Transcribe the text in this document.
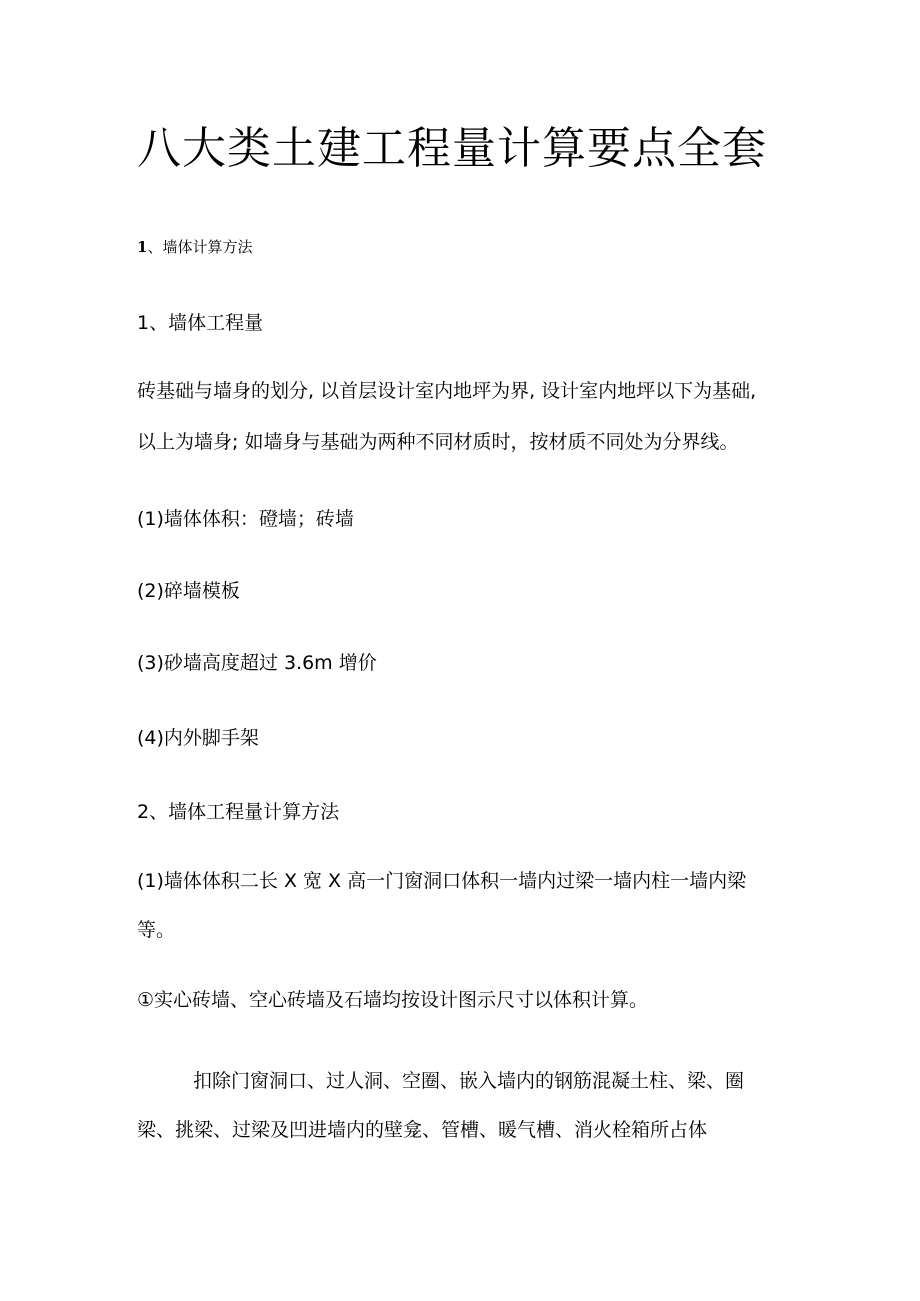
八大类土建工程量计算要点全套

1、墙体计算方法

1、墙体工程量

砖基础与墙身的划分, 以首层设计室内地坪为界, 设计室内地坪以下为基础,

以上为墙身; 如墙身与基础为两种不同材质时，按材质不同处为分界线。

(1)墙体体积：磴墙；砖墙

(2)碎墙模板

(3)砂墙高度超过 3.6m 增价

(4)内外脚手架

2、墙体工程量计算方法

(1)墙体体积二长 X 宽 X 高一门窗洞口体积一墙内过梁一墙内柱一墙内梁

等。

①实心砖墙、空心砖墙及石墙均按设计图示尺寸以体积计算。

扣除门窗洞口、过人洞、空圈、嵌入墙内的钢筋混凝土柱、梁、圈

梁、挑梁、过梁及凹进墙内的壁龛、管槽、暖气槽、消火栓箱所占体
